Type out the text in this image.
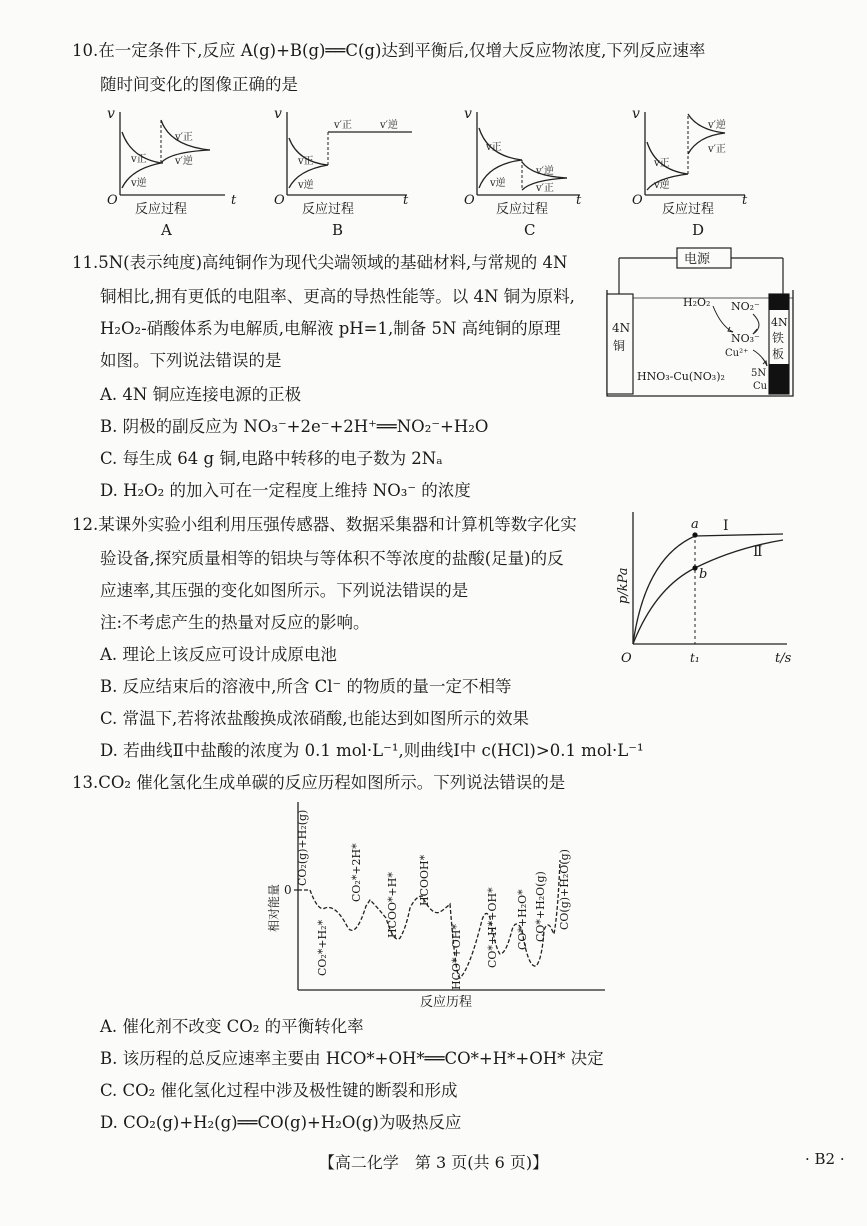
10.在一定条件下,反应 A(g)+B(g)══C(g)达到平衡后,仅增大反应物浓度,下列反应速率
随时间变化的图像正确的是
v
O	t
v正
v逆
v′正
v′逆
反应过程
A
v
O	t
v正
v逆
v′正	v′逆
反应过程
B
v
O	t
v正
v逆
v′逆
v′正
反应过程
C
v
O	t
v正
v逆
v′逆
v′正
反应过程
D
11.5N(表示纯度)高纯铜作为现代尖端领域的基础材料,与常规的 4N
铜相比,拥有更低的电阻率、更高的导热性能等。以 4N 铜为原料,
H₂O₂-硝酸体系为电解质,电解液 pH=1,制备 5N 高纯铜的原理
如图。下列说法错误的是
A. 4N 铜应连接电源的正极
B. 阴极的副反应为 NO₃⁻+2e⁻+2H⁺══NO₂⁻+H₂O
C. 每生成 64 g 铜,电路中转移的电子数为 2Nₐ
D. H₂O₂ 的加入可在一定程度上维持 NO₃⁻ 的浓度
电源
4N
铜
4N
铁
板
H₂O₂ NO₂⁻
NO₃⁻
Cu²⁺
HNO₃-Cu(NO₃)₂	5N
Cu
12.某课外实验小组利用压强传感器、数据采集器和计算机等数字化实
验设备,探究质量相等的铝块与等体积不等浓度的盐酸(足量)的反
应速率,其压强的变化如图所示。下列说法错误的是
注:不考虑产生的热量对反应的影响。
A. 理论上该反应可设计成原电池
B. 反应结束后的溶液中,所含 Cl⁻ 的物质的量一定不相等
C. 常温下,若将浓盐酸换成浓硝酸,也能达到如图所示的效果
D. 若曲线Ⅱ中盐酸的浓度为 0.1 mol·L⁻¹,则曲线Ⅰ中 c(HCl)>0.1 mol·L⁻¹
a
b
Ⅰ
Ⅱ
O	t₁	t/s
p/kPa
13.CO₂ 催化氢化生成单碳的反应历程如图所示。下列说法错误的是
相对能量 0
CO₂(g)+H₂(g)
CO₂*+H₂*
CO₂*+2H* HCOO*+H* HCOOH*
HCO*+OH* CO*+H*+OH* CO*+H₂O* CO*+H₂O(g) CO(g)+H₂O(g)
反应历程
A. 催化剂不改变 CO₂ 的平衡转化率
B. 该历程的总反应速率主要由 HCO*+OH*══CO*+H*+OH* 决定
C. CO₂ 催化氢化过程中涉及极性键的断裂和形成
D. CO₂(g)+H₂(g)══CO(g)+H₂O(g)为吸热反应
【高二化学　第 3 页(共 6 页)】	· B2 ·
